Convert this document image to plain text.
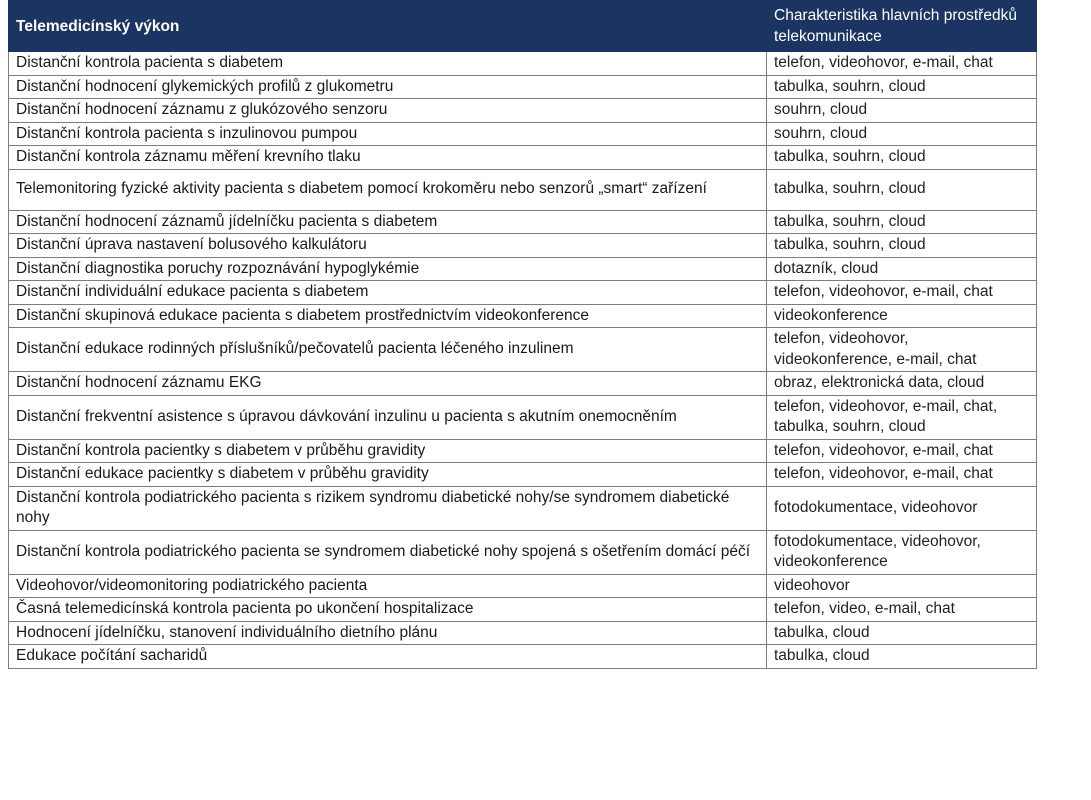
Telemedicínský výkon	Charakteristika hlavních prostředků telekomunikace
Distanční kontrola pacienta s diabetem	telefon, videohovor, e-mail, chat
Distanční hodnocení glykemických profilů z glukometru	tabulka, souhrn, cloud
Distanční hodnocení záznamu z glukózového senzoru	souhrn, cloud
Distanční kontrola pacienta s inzulinovou pumpou	souhrn, cloud
Distanční kontrola záznamu měření krevního tlaku	tabulka, souhrn, cloud
Telemonitoring fyzické aktivity pacienta s diabetem pomocí krokoměru nebo senzorů „smart“ zařízení	tabulka, souhrn, cloud
Distanční hodnocení záznamů jídelníčku pacienta s diabetem	tabulka, souhrn, cloud
Distanční úprava nastavení bolusového kalkulátoru	tabulka, souhrn, cloud
Distanční diagnostika poruchy rozpoznávání hypoglykémie	dotazník, cloud
Distanční individuální edukace pacienta s diabetem	telefon, videohovor, e-mail, chat
Distanční skupinová edukace pacienta s diabetem prostřednictvím videokonference	videokonference
Distanční edukace rodinných příslušníků/pečovatelů pacienta léčeného inzulinem	telefon, videohovor, videokonference, e-mail, chat
Distanční hodnocení záznamu EKG	obraz, elektronická data, cloud
Distanční frekventní asistence s úpravou dávkování inzulinu u pacienta s akutním onemocněním	telefon, videohovor, e-mail, chat, tabulka, souhrn, cloud
Distanční kontrola pacientky s diabetem v průběhu gravidity	telefon, videohovor, e-mail, chat
Distanční edukace pacientky s diabetem v průběhu gravidity	telefon, videohovor, e-mail, chat
Distanční kontrola podiatrického pacienta s rizikem syndromu diabetické nohy/se syndromem diabetické nohy	fotodokumentace, videohovor
Distanční kontrola podiatrického pacienta se syndromem diabetické nohy spojená s ošetřením domácí péčí	fotodokumentace, videohovor, videokonference
Videohovor/videomonitoring podiatrického pacienta	videohovor
Časná telemedicínská kontrola pacienta po ukončení hospitalizace	telefon, video, e-mail, chat
Hodnocení jídelníčku, stanovení individuálního dietního plánu	tabulka, cloud
Edukace počítání sacharidů	tabulka, cloud
